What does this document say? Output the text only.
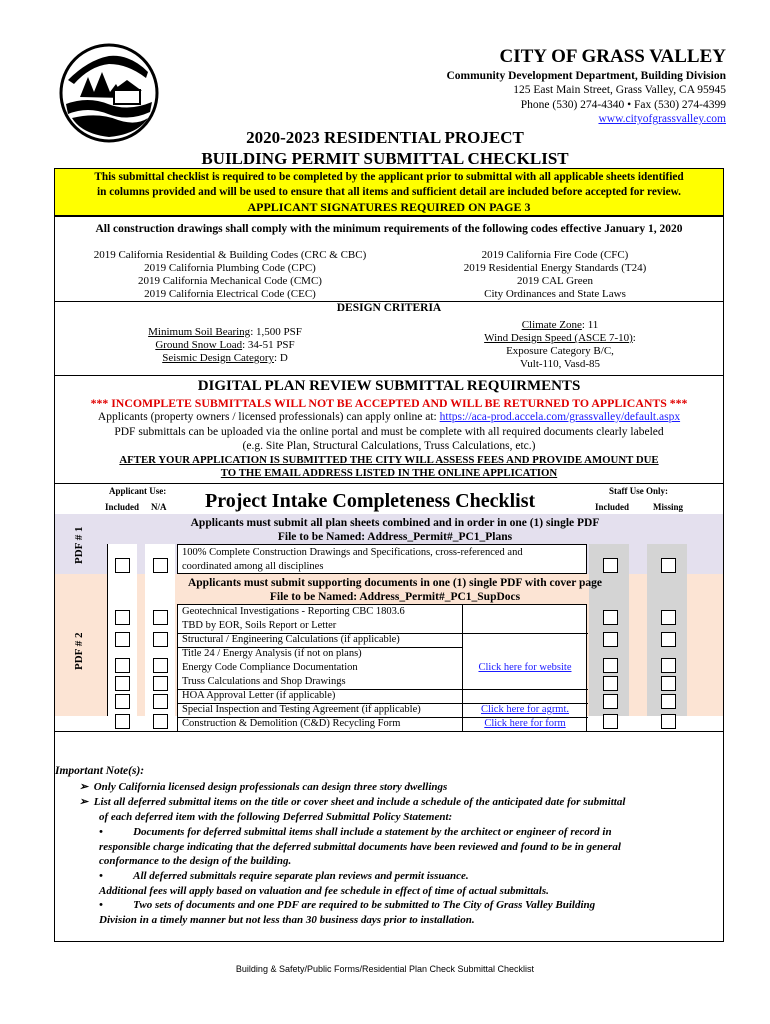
CITY OF GRASS VALLEY
Community Development Department, Building Division
125 East Main Street, Grass Valley, CA 95945
Phone (530) 274-4340 • Fax (530) 274-4399
www.cityofgrassvalley.com
2020-2023 RESIDENTIAL PROJECT
BUILDING PERMIT SUBMITTAL CHECKLIST
This submittal checklist is required to be completed by the applicant prior to submittal with all applicable sheets identified
in columns provided and will be used to ensure that all items and sufficient detail are included before accepted for review.
APPLICANT SIGNATURES REQUIRED ON PAGE 3
All construction drawings shall comply with the minimum requirements of the following codes effective January 1, 2020
2019 California Residential & Building Codes (CRC & CBC)
2019 California Plumbing Code (CPC)
2019 California Mechanical Code (CMC)
2019 California Electrical Code (CEC)
2019 California Fire Code (CFC)
2019 Residential Energy Standards (T24)
2019 CAL Green
City Ordinances and State Laws
DESIGN CRITERIA
Minimum Soil Bearing: 1,500 PSF
Ground Snow Load: 34-51 PSF
Seismic Design Category: D
Climate Zone: 11
Wind Design Speed (ASCE 7-10):
Exposure Category B/C,
Vult-110, Vasd-85
DIGITAL PLAN REVIEW SUBMITTAL REQUIRMENTS
*** INCOMPLETE SUBMITTALS WILL NOT BE ACCEPTED AND WILL BE RETURNED TO APPLICANTS ***
Applicants (property owners / licensed professionals) can apply online at: https://aca-prod.accela.com/grassvalley/default.aspx
PDF submittals can be uploaded via the online portal and must be complete with all required documents clearly labeled
(e.g. Site Plan, Structural Calculations, Truss Calculations, etc.)
AFTER YOUR APPLICATION IS SUBMITTED THE CITY WILL ASSESS FEES AND PROVIDE AMOUNT DUE
TO THE EMAIL ADDRESS LISTED IN THE ONLINE APPLICATION
Applicant Use:
Included N/A
Staff Use Only:
Included	Missing
Project Intake Completeness Checklist
PDF # 1
Applicants must submit all plan sheets combined and in order in one (1) single PDF
File to be Named: Address_Permit#_PC1_Plans
100% Complete Construction Drawings and Specifications, cross-referenced and
coordinated among all disciplines
PDF # 2
Applicants must submit supporting documents in one (1) single PDF with cover page
File to be Named: Address_Permit#_PC1_SupDocs
Geotechnical Investigations - Reporting CBC 1803.6
TBD by EOR, Soils Report or Letter
Structural / Engineering Calculations (if applicable)
Title 24 / Energy Analysis (if not on plans)
Energy Code Compliance Documentation
Truss Calculations and Shop Drawings
HOA Approval Letter (if applicable)
Special Inspection and Testing Agreement (if applicable)
Construction & Demolition (C&D) Recycling Form
Click here for website
Click here for agrmt.
Click here for form
Important Note(s):
➢  Only California licensed design professionals can design three story dwellings
➢  List all deferred submittal items on the title or cover sheet and include a schedule of the anticipated date for submittal
of each deferred item with the following Deferred Submittal Policy Statement:
•           Documents for deferred submittal items shall include a statement by the architect or engineer of record in
responsible charge indicating that the deferred submittal documents have been reviewed and found to be in general
conformance to the design of the building.
•           All deferred submittals require separate plan reviews and permit issuance.
Additional fees will apply based on valuation and fee schedule in effect of time of actual submittals.
•           Two sets of documents and one PDF are required to be submitted to The City of Grass Valley Building
Division in a timely manner but not less than 30 business days prior to installation.
Building & Safety/Public Forms/Residential Plan Check Submittal Checklist
